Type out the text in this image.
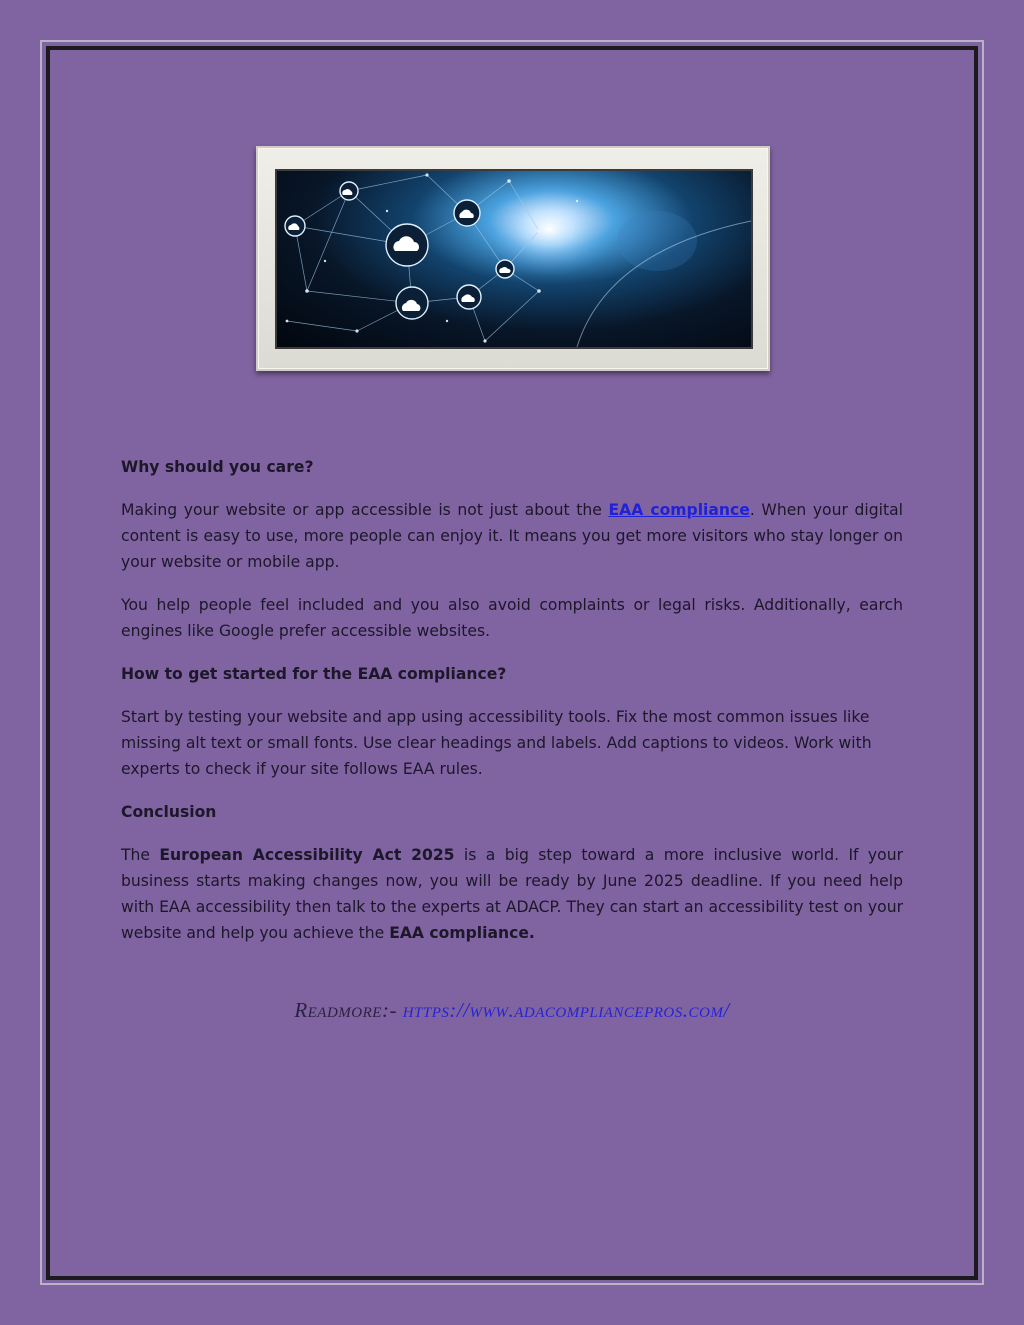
Why should you care?

Making your website or app accessible is not just about the EAA compliance. When your digital content is easy to use, more people can enjoy it. It means you get more visitors who stay longer on your website or mobile app.

You help people feel included and you also avoid complaints or legal risks. Additionally, earch engines like Google prefer accessible websites.

How to get started for the EAA compliance?

Start by testing your website and app using accessibility tools. Fix the most common issues like missing alt text or small fonts. Use clear headings and labels. Add captions to videos. Work with experts to check if your site follows EAA rules.

Conclusion

The European Accessibility Act 2025 is a big step toward a more inclusive world. If your business starts making changes now, you will be ready by June 2025 deadline. If you need help with EAA accessibility then talk to the experts at ADACP. They can start an accessibility test on your website and help you achieve the EAA compliance.

Readmore:- https://www.adacompliancepros.com/
